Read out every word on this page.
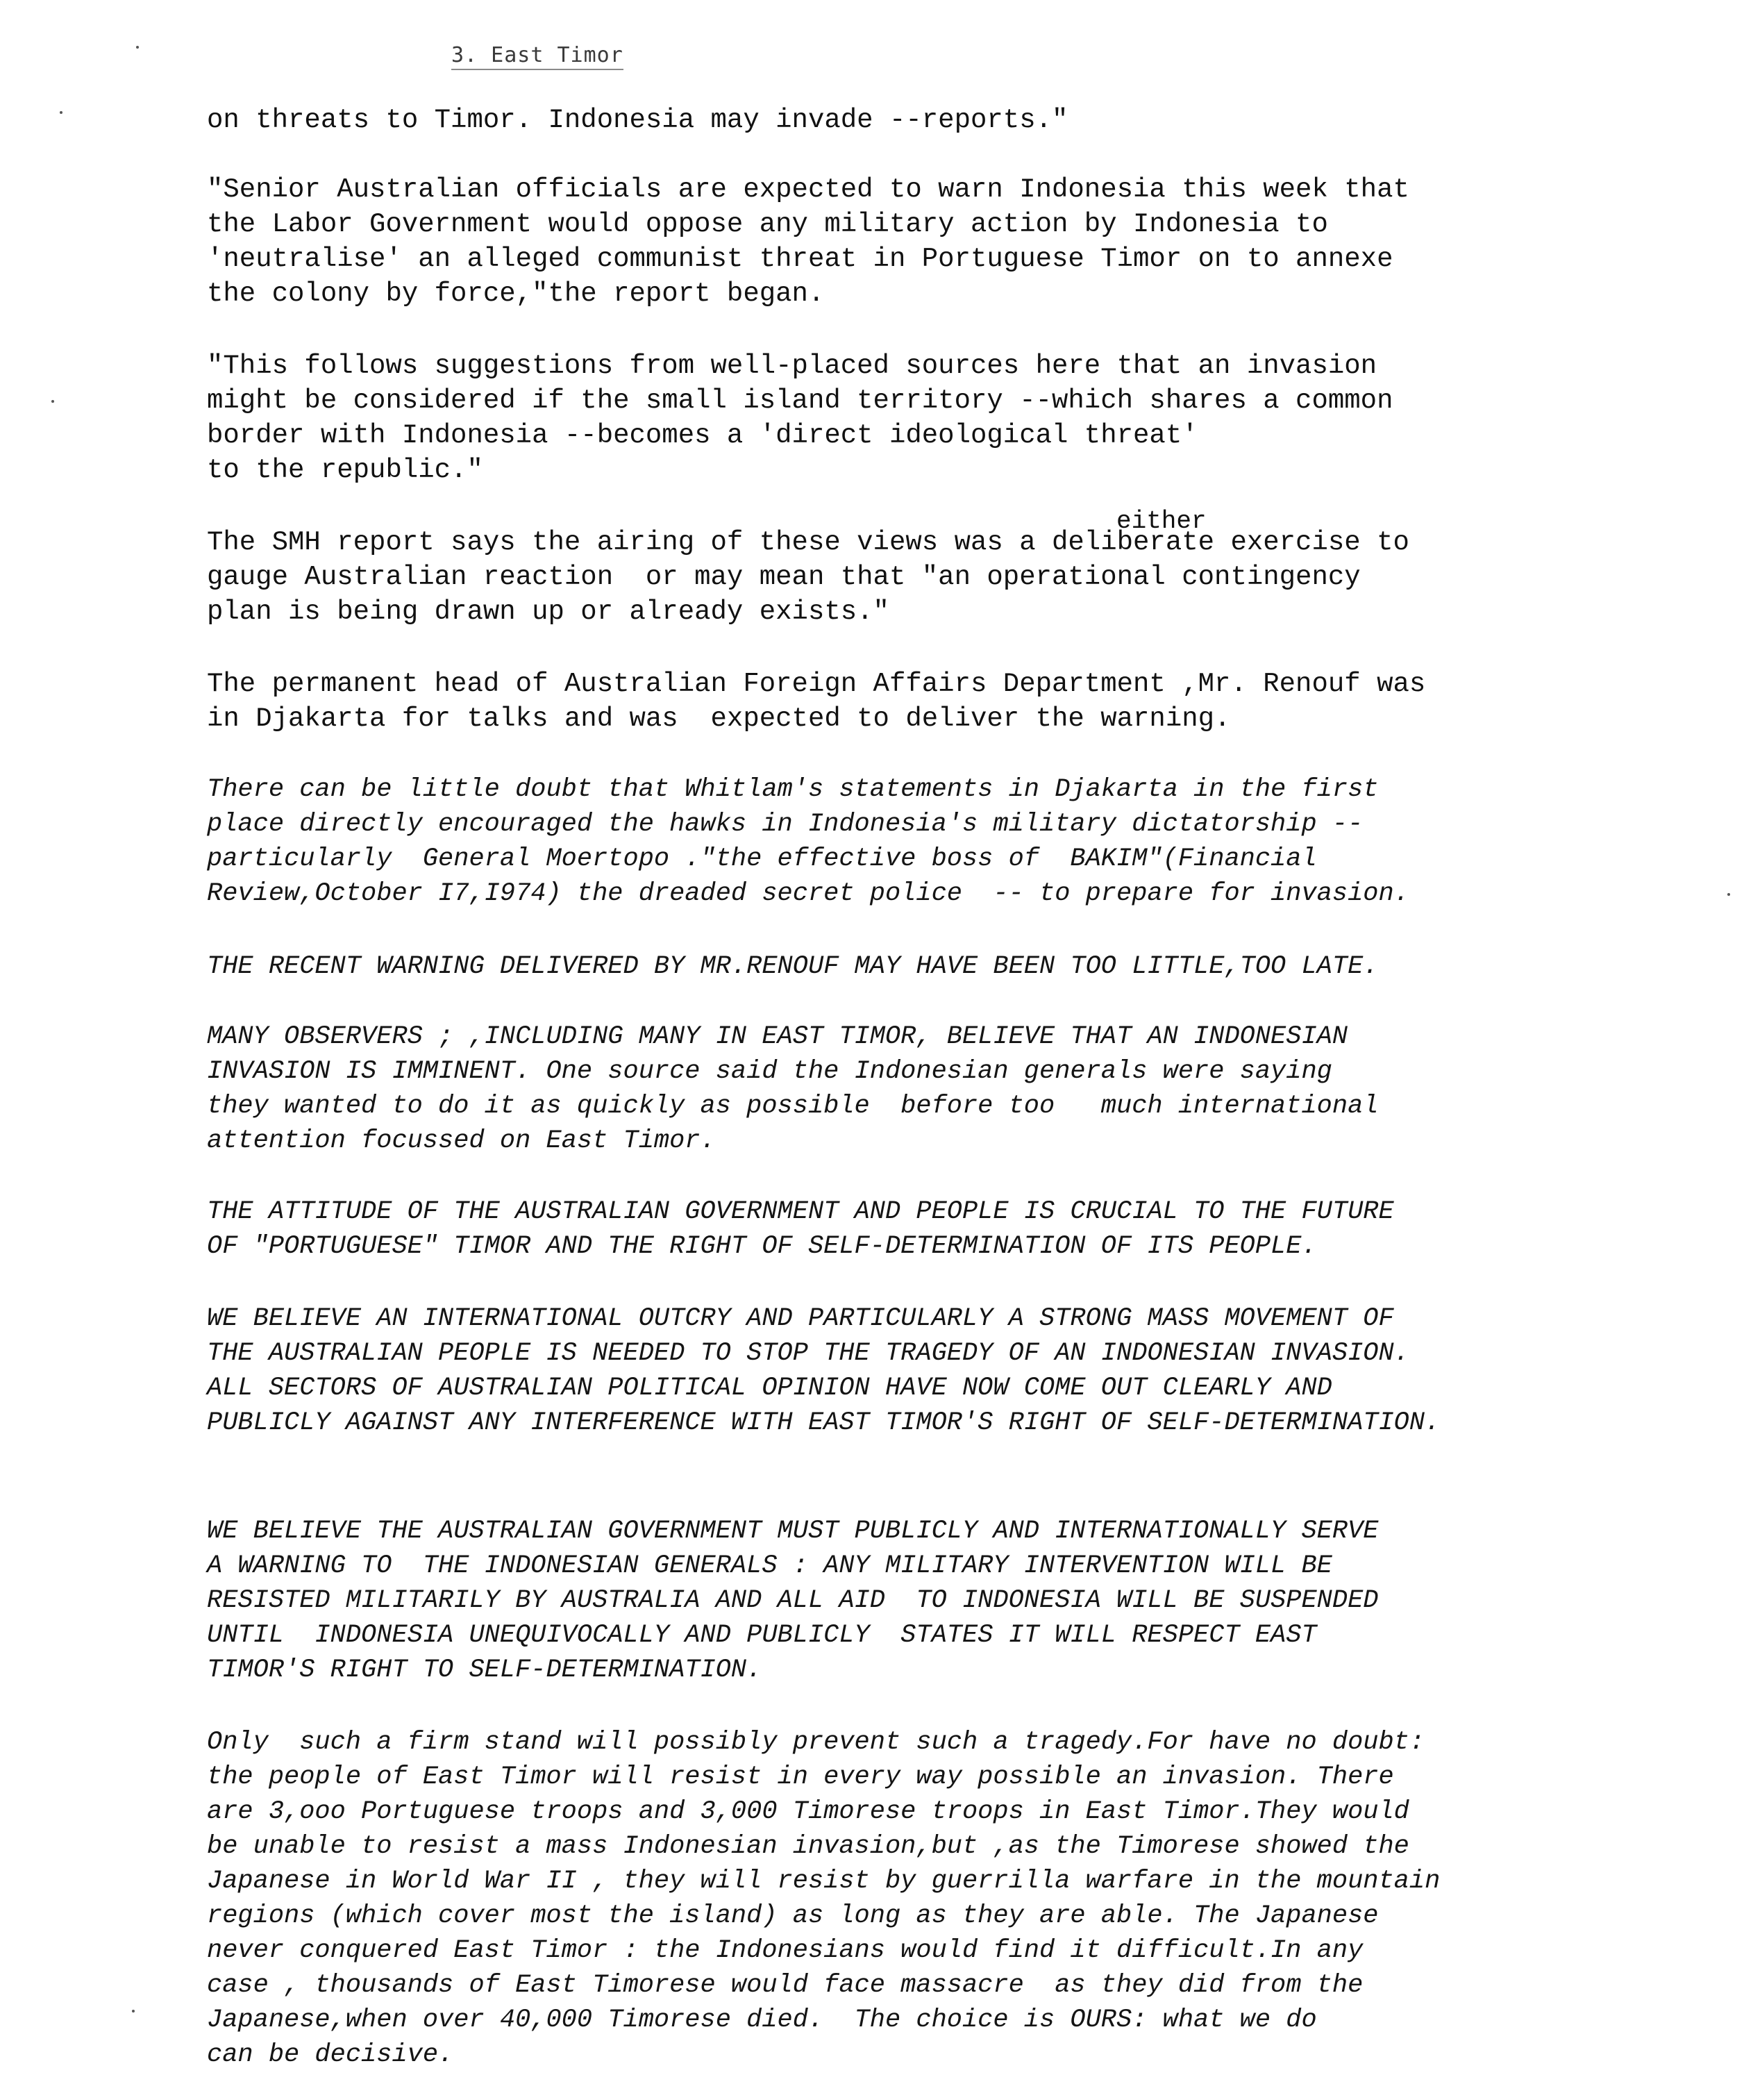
3. East Timor
either

on threats to Timor. Indonesia may invade --reports."

"Senior Australian officials are expected to warn Indonesia this week that
the Labor Government would oppose any military action by Indonesia to
'neutralise' an alleged communist threat in Portuguese Timor on to annexe
the colony by force,"the report began.

"This follows suggestions from well-placed sources here that an invasion
might be considered if the small island territory --which shares a common
border with Indonesia --becomes a 'direct ideological threat'
to the republic."

The SMH report says the airing of these views was a deliberate exercise to
gauge Australian reaction  or may mean that "an operational contingency
plan is being drawn up or already exists."

The permanent head of Australian Foreign Affairs Department ,Mr. Renouf was
in Djakarta for talks and was  expected to deliver the warning.

There can be little doubt that Whitlam's statements in Djakarta in the first
place directly encouraged the hawks in Indonesia's military dictatorship --
particularly  General Moertopo ."the effective boss of  BAKIM"(Financial
Review,October I7,I974) the dreaded secret police  -- to prepare for invasion.

THE RECENT WARNING DELIVERED BY MR.RENOUF MAY HAVE BEEN TOO LITTLE,TOO LATE.

MANY OBSERVERS ; ,INCLUDING MANY IN EAST TIMOR, BELIEVE THAT AN INDONESIAN
INVASION IS IMMINENT. One source said the Indonesian generals were saying
they wanted to do it as quickly as possible  before too   much international
attention focussed on East Timor.

THE ATTITUDE OF THE AUSTRALIAN GOVERNMENT AND PEOPLE IS CRUCIAL TO THE FUTURE
OF "PORTUGUESE" TIMOR AND THE RIGHT OF SELF-DETERMINATION OF ITS PEOPLE.

WE BELIEVE AN INTERNATIONAL OUTCRY AND PARTICULARLY A STRONG MASS MOVEMENT OF
THE AUSTRALIAN PEOPLE IS NEEDED TO STOP THE TRAGEDY OF AN INDONESIAN INVASION.
ALL SECTORS OF AUSTRALIAN POLITICAL OPINION HAVE NOW COME OUT CLEARLY AND
PUBLICLY AGAINST ANY INTERFERENCE WITH EAST TIMOR'S RIGHT OF SELF-DETERMINATION.

WE BELIEVE THE AUSTRALIAN GOVERNMENT MUST PUBLICLY AND INTERNATIONALLY SERVE
A WARNING TO  THE INDONESIAN GENERALS : ANY MILITARY INTERVENTION WILL BE
RESISTED MILITARILY BY AUSTRALIA AND ALL AID  TO INDONESIA WILL BE SUSPENDED
UNTIL  INDONESIA UNEQUIVOCALLY AND PUBLICLY  STATES IT WILL RESPECT EAST
TIMOR'S RIGHT TO SELF-DETERMINATION.

Only  such a firm stand will possibly prevent such a tragedy.For have no doubt:
the people of East Timor will resist in every way possible an invasion. There
are 3,ooo Portuguese troops and 3,000 Timorese troops in East Timor.They would
be unable to resist a mass Indonesian invasion,but ,as the Timorese showed the
Japanese in World War II , they will resist by guerrilla warfare in the mountain
regions (which cover most the island) as long as they are able. The Japanese
never conquered East Timor : the Indonesians would find it difficult.In any
case , thousands of East Timorese would face massacre  as they did from the
Japanese,when over 40,000 Timorese died.  The choice is OURS: what we do
can be decisive.
